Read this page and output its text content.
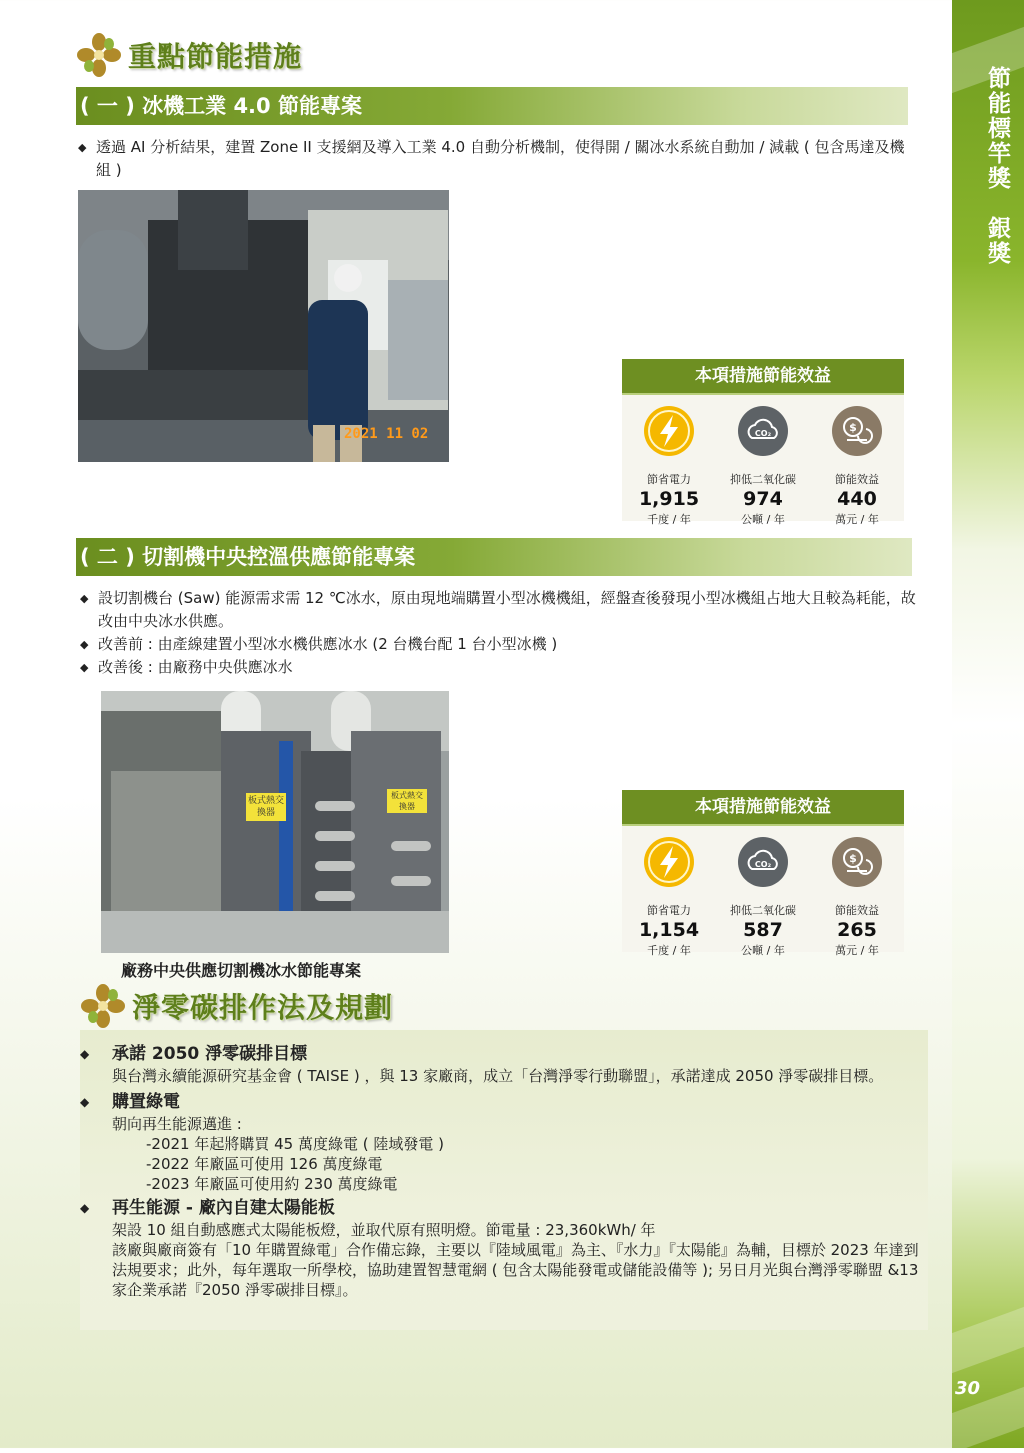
節能標竿獎　銀獎
30
重點節能措施
( 一 ) 冰機工業 4.0 節能專案
◆ 透過 AI 分析結果，建置 Zone II 支援網及導入工業 4.0 自動分析機制，使得開 / 關冰水系統自動加 / 減載 ( 包含馬達及機組 )
2021 11 02
本項措施節能效益
節省電力
1,915
千度 / 年
CO₂
抑低二氧化碳
974
公噸 / 年
$
節能效益
440
萬元 / 年
( 二 ) 切割機中央控溫供應節能專案
◆ 設切割機台 (Saw) 能源需求需 12 ℃冰水，原由現地端購置小型冰機機組，經盤查後發現小型冰機組占地大且較為耗能，故改由中央冰水供應。
◆ 改善前 : 由產線建置小型冰水機供應冰水 (2 台機台配 1 台小型冰機 )
◆ 改善後 : 由廠務中央供應冰水
板式熱交換器
板式熱交換器
廠務中央供應切割機冰水節能專案
本項措施節能效益
節省電力
1,154
千度 / 年
CO₂
抑低二氧化碳
587
公噸 / 年
$
節能效益
265
萬元 / 年
淨零碳排作法及規劃
◆	承諾 2050 淨零碳排目標
與台灣永續能源研究基金會 ( TAISE ) ，與 13 家廠商，成立「台灣淨零行動聯盟」，承諾達成 2050 淨零碳排目標。
◆	購置綠電
朝向再生能源邁進 :
-2021 年起將購買 45 萬度綠電 ( 陸域發電 )
-2022 年廠區可使用 126 萬度綠電
-2023 年廠區可使用約 230 萬度綠電
◆	再生能源 - 廠內自建太陽能板
架設 10 組自動感應式太陽能板燈，並取代原有照明燈。節電量 : 23,360kWh/ 年
該廠與廠商簽有「10 年購置綠電」合作備忘錄，主要以『陸域風電』為主、『水力』『太陽能』為輔，目標於 2023 年達到法規要求；此外，每年選取一所學校，協助建置智慧電網 ( 包含太陽能發電或儲能設備等 ); 另日月光與台灣淨零聯盟 &13 家企業承諾『2050 淨零碳排目標』。
